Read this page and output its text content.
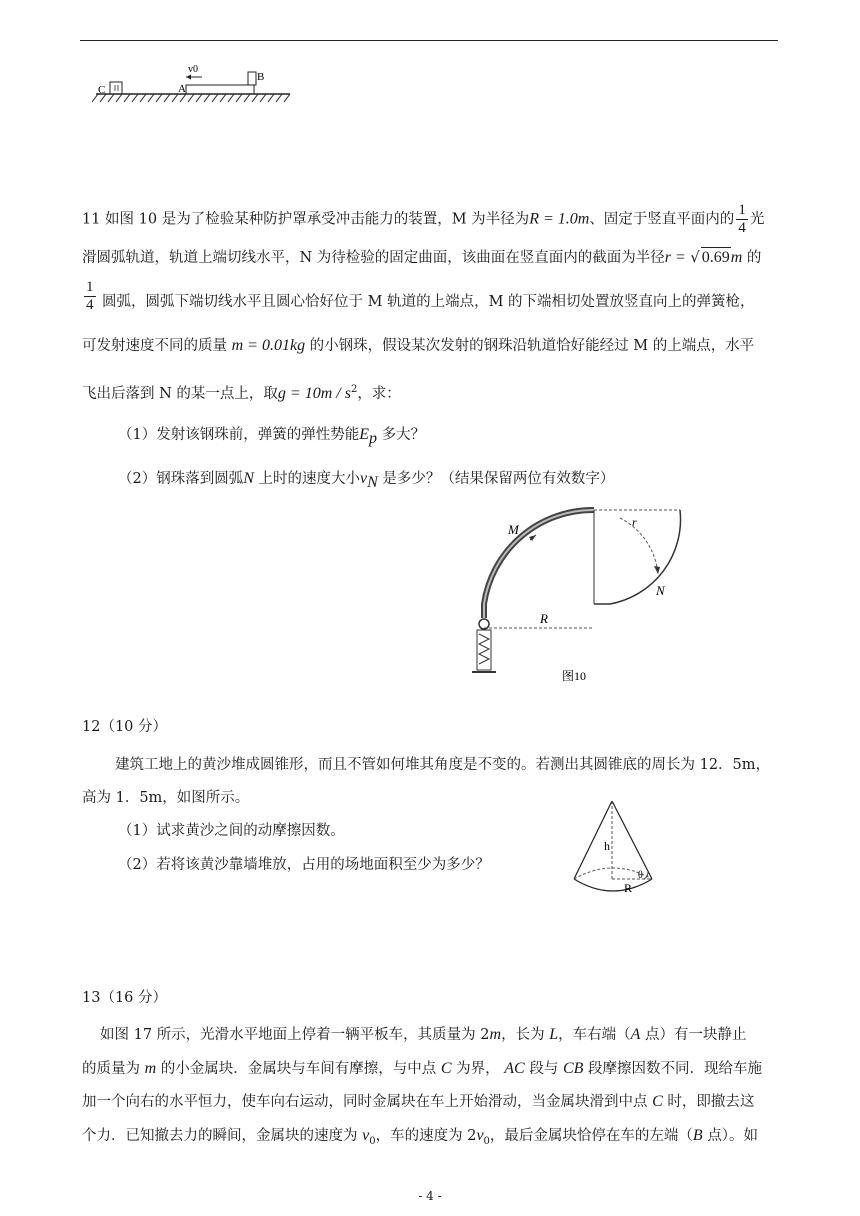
C	A
B
v0
11 如图 10 是为了检验某种防护罩承受冲击能力的装置，M 为半径为R = 1.0m、固定于竖直平面内的 $\frac{1}{4}$ 光
滑圆弧轨道，轨道上端切线水平，N 为待检验的固定曲面，该曲面在竖直面内的截面为半径r = √ 0.69m 的
$\frac{1}{4}$ 圆弧，圆弧下端切线水平且圆心恰好位于 M 轨道的上端点，M 的下端相切处置放竖直向上的弹簧枪，
可发射速度不同的质量 m = 0.01kg 的小钢珠，假设某次发射的钢珠沿轨道恰好能经过 M 的上端点，水平
飞出后落到 N 的某一点上，取$g = 10m / s^2$，求：
（1）发射该钢珠前，弹簧的弹性势能$E_p$ 多大？
（2）钢珠落到圆弧N 上时的速度大小$v_N$ 是多少？（结果保留两位有效数字）
M	r
N
R
图10
12（10 分）
建筑工地上的黄沙堆成圆锥形，而且不管如何堆其角度是不变的。若测出其圆锥底的周长为 12．5m，
高为 1．5m，如图所示。
（1）试求黄沙之间的动摩擦因数。
（2）若将该黄沙靠墙堆放，占用的场地面积至少为多少？
h
R
θ
13（16 分）
如图 17 所示，光滑水平地面上停着一辆平板车，其质量为 2m，长为 L，车右端（A 点）有一块静止
的质量为 m 的小金属块．金属块与车间有摩擦，与中点 C 为界， AC 段与 CB 段摩擦因数不同．现给车施
加一个向右的水平恒力，使车向右运动，同时金属块在车上开始滑动，当金属块滑到中点 C 时，即撤去这
个力．已知撤去力的瞬间，金属块的速度为 $v_0$，车的速度为 $2v_0$，最后金属块恰停在车的左端（B 点）。如
- 4 -
